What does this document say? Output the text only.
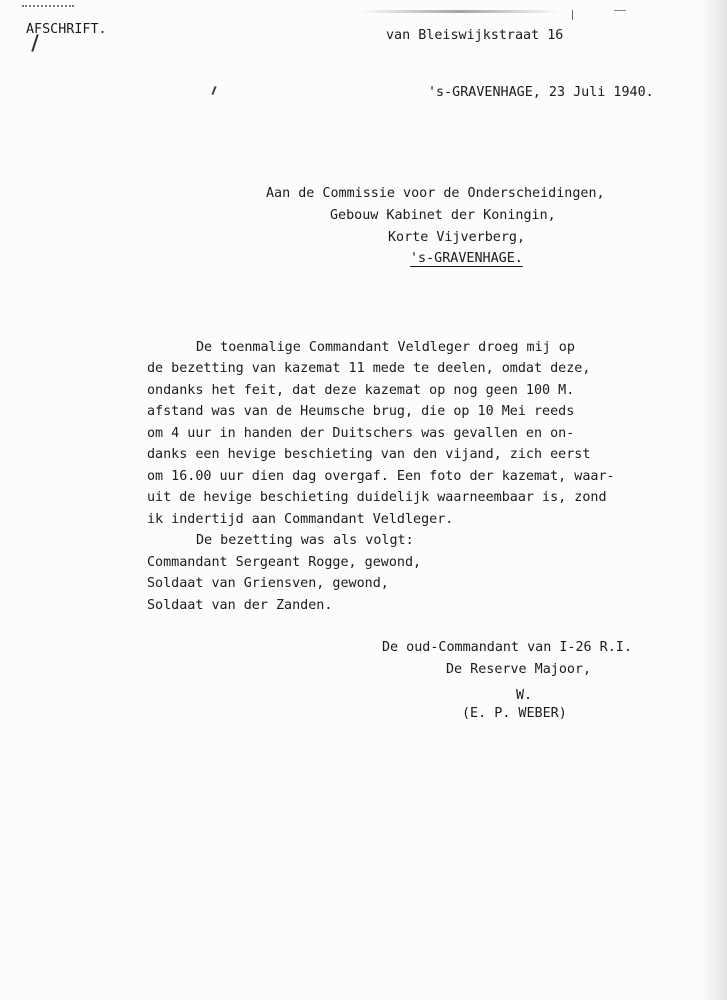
AFSCHRIFT.	van Bleiswijkstraat 16
's-GRAVENHAGE, 23 Juli 1940.
Aan de Commissie voor de Onderscheidingen,
Gebouw Kabinet der Koningin,
Korte Vijverberg,
's-GRAVENHAGE.
De toenmalige Commandant Veldleger droeg mij op
de bezetting van kazemat 11 mede te deelen, omdat deze,
ondanks het feit, dat deze kazemat op nog geen 100 M.
afstand was van de Heumsche brug, die op 10 Mei reeds
om 4 uur in handen der Duitschers was gevallen en on-
danks een hevige beschieting van den vijand, zich eerst
om 16.00 uur dien dag overgaf. Een foto der kazemat, waar-
uit de hevige beschieting duidelijk waarneembaar is, zond
ik indertijd aan Commandant Veldleger.
De bezetting was als volgt:
Commandant Sergeant Rogge, gewond,
Soldaat van Griensven, gewond,
Soldaat van der Zanden.
De oud-Commandant van I-26 R.I.
De Reserve Majoor,
W.
(E. P. WEBER)
